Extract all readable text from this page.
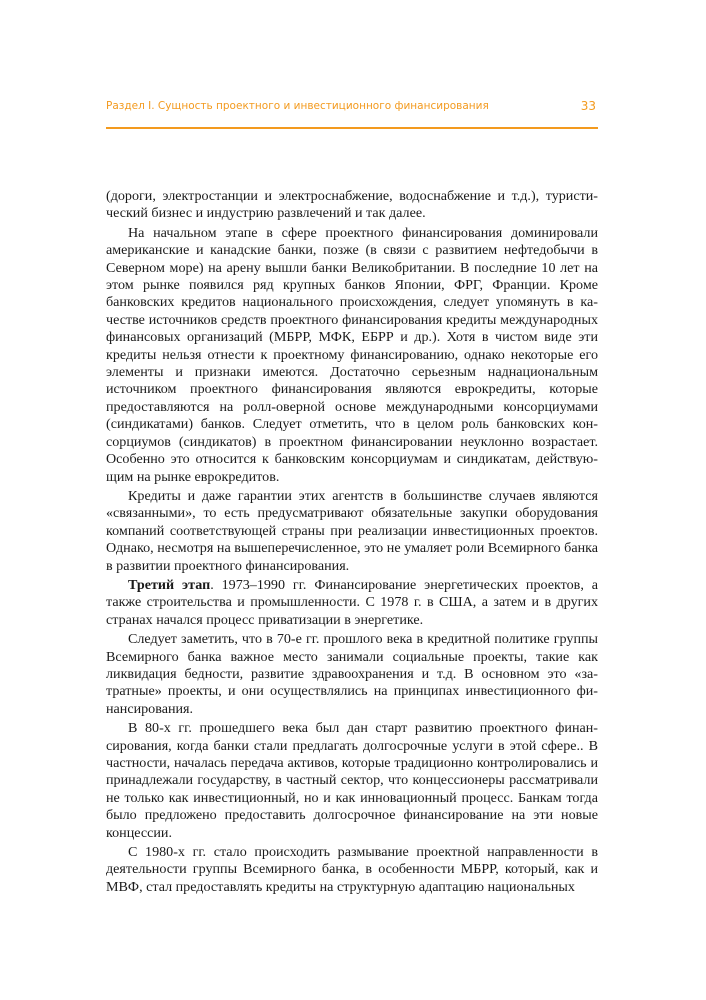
Раздел I. Сущность проектного и инвестиционного финансирования	33

(дороги, электростанции и электроснабжение, водоснабжение и т.д.), туристический бизнес и индустрию развлечений и так далее.

На начальном этапе в сфере проектного финансирования доминировали американские и канадские банки, позже (в связи с развитием нефтедобычи в Северном море) на арену вышли банки Великобритании. В последние 10 лет на этом рынке появился ряд крупных банков Японии, ФРГ, Франции. Кроме банковских кредитов национального происхождения, следует упомянуть в качестве источников средств проектного финансирования кредиты международных финансовых организаций (МБРР, МФК, ЕБРР и др.). Хотя в чистом виде эти кредиты нельзя отнести к проектному финансированию, однако некоторые его элементы и признаки имеются. Достаточно серьезным наднациональным источником проектного финансирования являются еврокредиты, которые предоставляются на ролл-оверной основе международными консорциумами (синдикатами) банков. Следует отметить, что в целом роль банковских консорциумов (синдикатов) в проектном финансировании неуклонно возрастает. Особенно это относится к банковским консорциумам и синдикатам, действующим на рынке еврокредитов.

Кредиты и даже гарантии этих агентств в большинстве случаев являются «связанными», то есть предусматривают обязательные закупки оборудования компаний соответствующей страны при реализации инвестиционных проектов. Однако, несмотря на вышеперечисленное, это не умаляет роли Всемирного банка в развитии проектного финансирования.

Третий этап. 1973–1990 гг. Финансирование энергетических проектов, а также строительства и промышленности. С 1978 г. в США, а затем и в других странах начался процесс приватизации в энергетике.

Следует заметить, что в 70-е гг. прошлого века в кредитной политике группы Всемирного банка важное место занимали социальные проекты, такие как ликвидация бедности, развитие здравоохранения и т.д. В основном это «затратные» проекты, и они осуществлялись на принципах инвестиционного финансирования.

В 80-х гг. прошедшего века был дан старт развитию проектного финансирования, когда банки стали предлагать долгосрочные услуги в этой сфере.. В частности, началась передача активов, которые традиционно контролировались и принадлежали государству, в частный сектор, что концессионеры рассматривали не только как инвестиционный, но и как инновационный процесс. Банкам тогда было предложено предоставить долгосрочное финансирование на эти новые концессии.

С 1980-х гг. стало происходить размывание проектной направленности в деятельности группы Всемирного банка, в особенности МБРР, который, как и МВФ, стал предоставлять кредиты на структурную адаптацию национальных
